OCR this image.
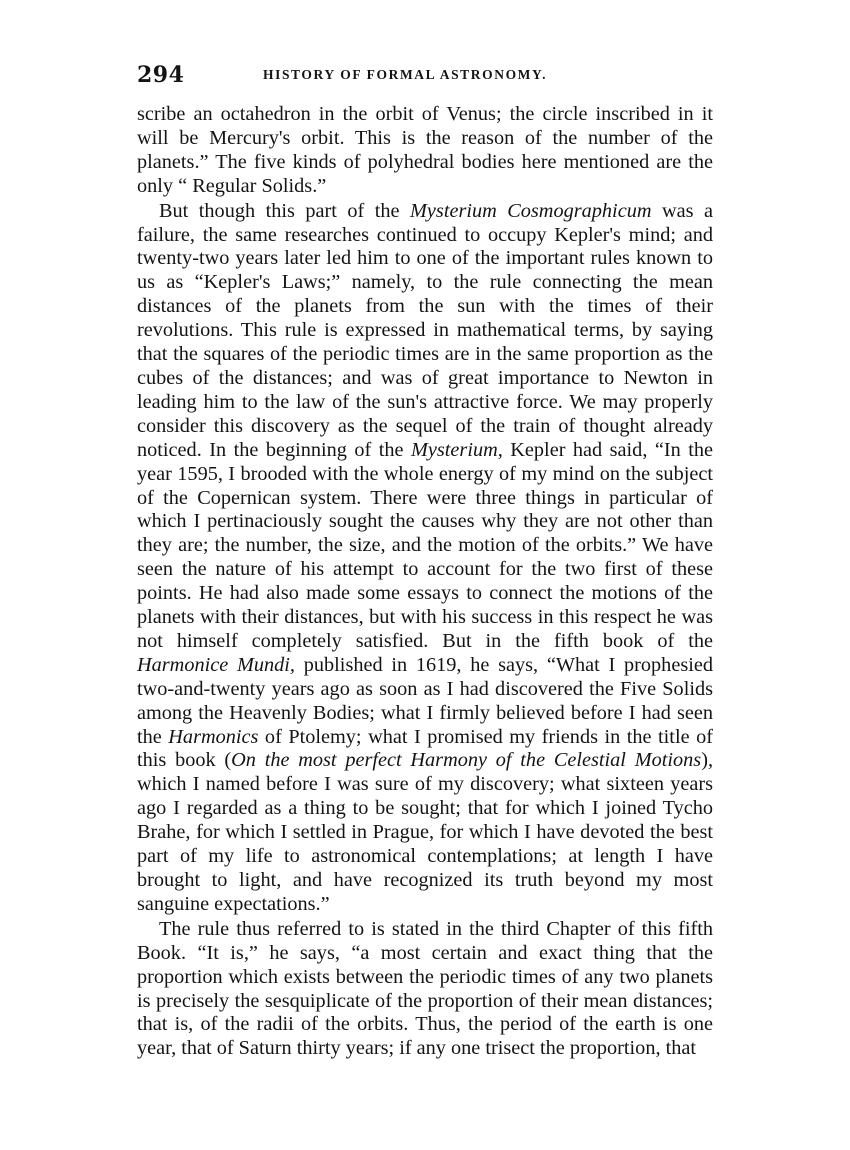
294	HISTORY OF FORMAL ASTRONOMY.

scribe an octahedron in the orbit of Venus; the circle inscribed in it will be Mercury's orbit. This is the reason of the number of the planets.” The five kinds of polyhedral bodies here mentioned are the only “ Regular Solids.”

But though this part of the Mysterium Cosmographicum was a failure, the same researches continued to occupy Kepler's mind; and twenty-two years later led him to one of the important rules known to us as “Kepler's Laws;” namely, to the rule connecting the mean distances of the planets from the sun with the times of their revolutions. This rule is expressed in mathematical terms, by saying that the squares of the periodic times are in the same proportion as the cubes of the distances; and was of great importance to Newton in leading him to the law of the sun's attractive force. We may properly consider this discovery as the sequel of the train of thought already noticed. In the beginning of the Mysterium, Kepler had said, “In the year 1595, I brooded with the whole energy of my mind on the subject of the Copernican system. There were three things in particular of which I pertinaciously sought the causes why they are not other than they are; the number, the size, and the motion of the orbits.” We have seen the nature of his attempt to account for the two first of these points. He had also made some essays to connect the motions of the planets with their distances, but with his success in this respect he was not himself completely satisfied. But in the fifth book of the Harmonice Mundi, published in 1619, he says, “What I prophesied two-and-twenty years ago as soon as I had discovered the Five Solids among the Heavenly Bodies; what I firmly believed before I had seen the Harmonics of Ptolemy; what I promised my friends in the title of this book (On the most perfect Harmony of the Celestial Motions), which I named before I was sure of my discovery; what sixteen years ago I regarded as a thing to be sought; that for which I joined Tycho Brahe, for which I settled in Prague, for which I have devoted the best part of my life to astronomical contemplations; at length I have brought to light, and have recognized its truth beyond my most sanguine expectations.”

The rule thus referred to is stated in the third Chapter of this fifth Book. “It is,” he says, “a most certain and exact thing that the proportion which exists between the periodic times of any two planets is precisely the sesquiplicate of the proportion of their mean distances; that is, of the radii of the orbits. Thus, the period of the earth is one year, that of Saturn thirty years; if any one trisect the proportion, that
